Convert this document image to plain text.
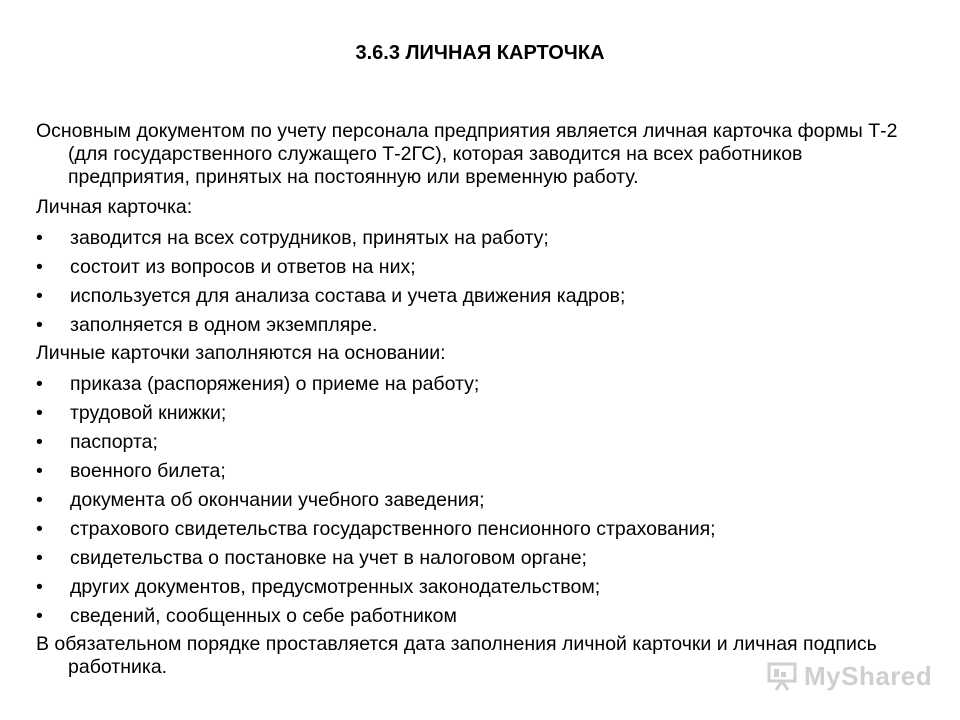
3.6.3 ЛИЧНАЯ КАРТОЧКА

Основным документом по учету персонала предприятия является личная карточка формы Т-2 (для государственного служащего Т-2ГС), которая заводится на всех работников предприятия, принятых на постоянную или временную работу.

Личная карточка:

• заводится на всех сотрудников, принятых на работу;
• состоит из вопросов и ответов на них;
• используется для анализа состава и учета движения кадров;
• заполняется в одном экземпляре.

Личные карточки заполняются на основании:

• приказа (распоряжения) о приеме на работу;
• трудовой книжки;
• паспорта;
• военного билета;
• документа об окончании учебного заведения;
• страхового свидетельства государственного пенсионного страхования;
• свидетельства о постановке на учет в налоговом органе;
• других документов, предусмотренных законодательством;
• сведений, сообщенных о себе работником

В обязательном порядке проставляется дата заполнения личной карточки и личная подпись работника.	MyShared
